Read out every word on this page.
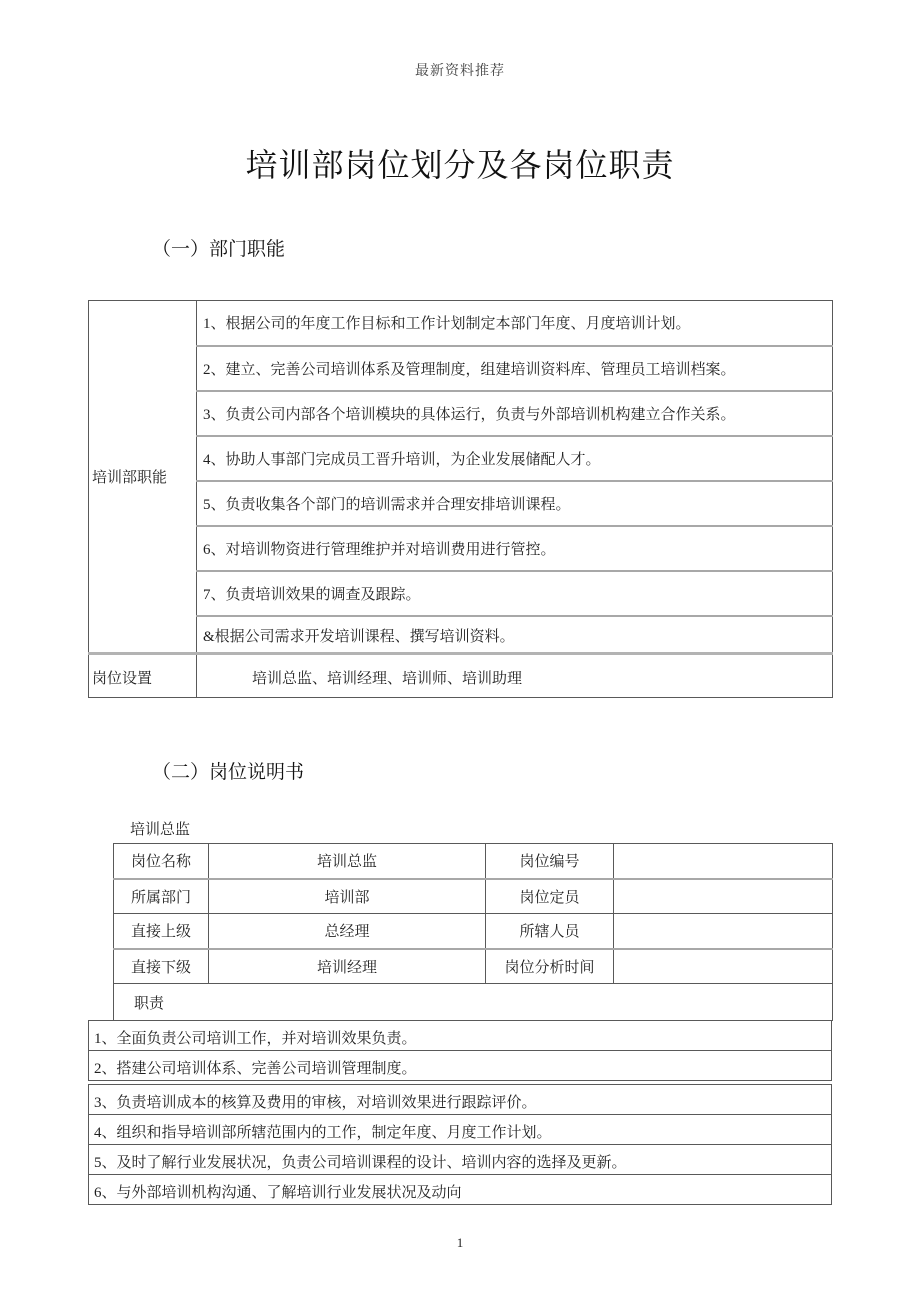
最新资料推荐
培训部岗位划分及各岗位职责
（一）部门职能
培训部职能	1、根据公司的年度工作目标和工作计划制定本部门年度、月度培训计划。
	2、建立、完善公司培训体系及管理制度，组建培训资料库、管理员工培训档案。
	3、负责公司内部各个培训模块的具体运行，负责与外部培训机构建立合作关系。
	4、协助人事部门完成员工晋升培训，为企业发展储配人才。
	5、负责收集各个部门的培训需求并合理安排培训课程。
	6、对培训物资进行管理维护并对培训费用进行管控。
	7、负责培训效果的调查及跟踪。
	&根据公司需求开发培训课程、撰写培训资料。
岗位设置	培训总监、培训经理、培训师、培训助理
（二）岗位说明书
培训总监
岗位名称	培训总监	岗位编号	
所属部门	培训部	岗位定员	
直接上级	总经理	所辖人员	
直接下级	培训经理	岗位分析时间	
职责			
1、全面负责公司培训工作，并对培训效果负责。
2、搭建公司培训体系、完善公司培训管理制度。
3、负责培训成本的核算及费用的审核，对培训效果进行跟踪评价。
4、组织和指导培训部所辖范围内的工作，制定年度、月度工作计划。
5、及时了解行业发展状况，负责公司培训课程的设计、培训内容的选择及更新。
6、与外部培训机构沟通、了解培训行业发展状况及动向
1
